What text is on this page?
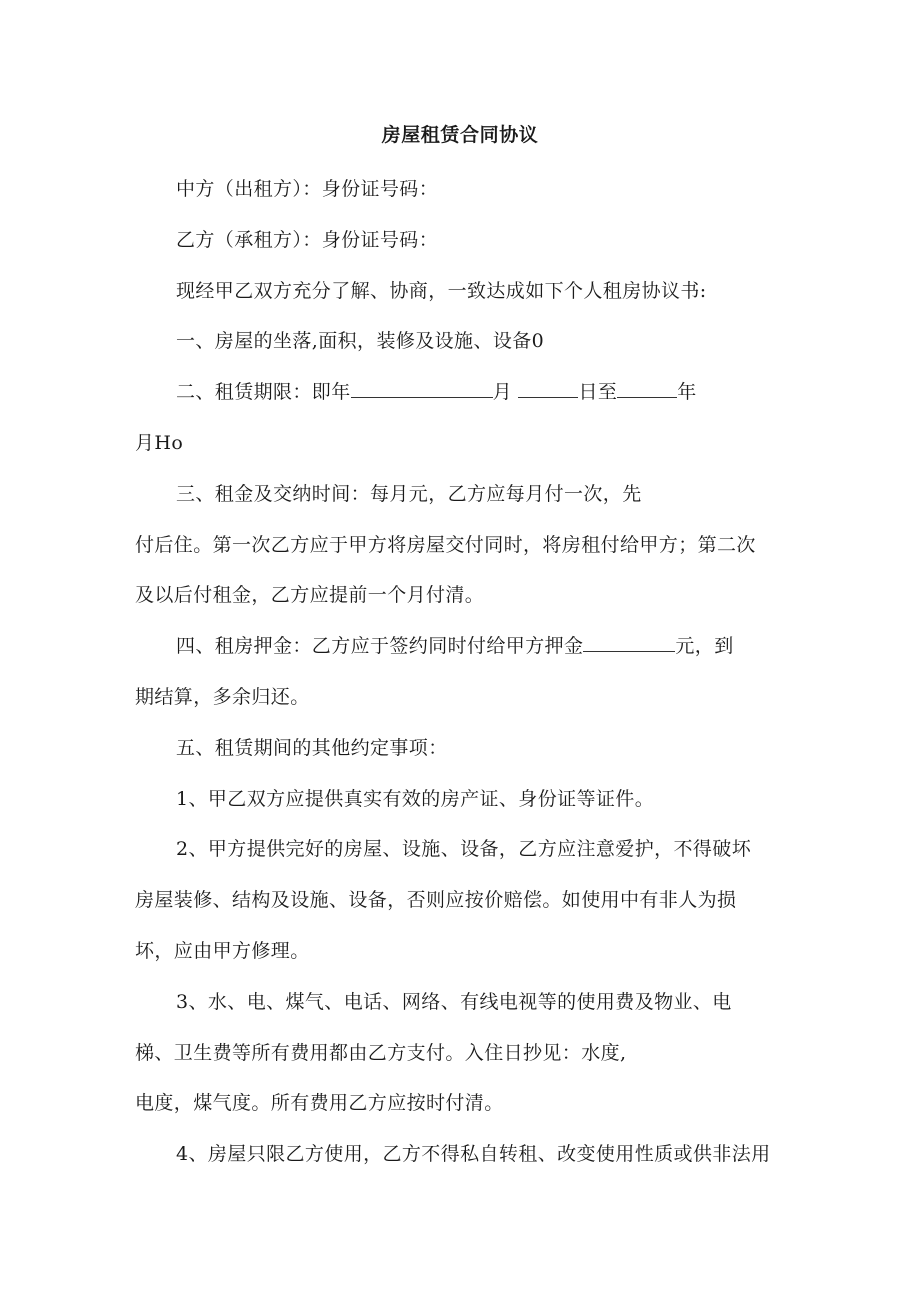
房屋租赁合同协议

中方（出租方）：身份证号码：

乙方（承租方）：身份证号码：

现经甲乙双方充分了解、协商，一致达成如下个人租房协议书:

一、房屋的坐落,面积，装修及设施、设备0

二、租赁期限：即年	月	日至	年

月Ho

三、租金及交纳时间：每月元，乙方应每月付一次，先

付后住。第一次乙方应于甲方将房屋交付同时，将房租付给甲方；第二次

及以后付租金，乙方应提前一个月付清。

四、租房押金：乙方应于签约同时付给甲方押金	元，到

期结算，多余归还。

五、租赁期间的其他约定事项：

1、甲乙双方应提供真实有效的房产证、身份证等证件。

2、甲方提供完好的房屋、设施、设备，乙方应注意爱护，不得破坏

房屋装修、结构及设施、设备，否则应按价赔偿。如使用中有非人为损

坏，应由甲方修理。

3、水、电、煤气、电话、网络、有线电视等的使用费及物业、电

梯、卫生费等所有费用都由乙方支付。入住日抄见：水度,

电度，煤气度。所有费用乙方应按时付清。

4、房屋只限乙方使用，乙方不得私自转租、改变使用性质或供非法用
